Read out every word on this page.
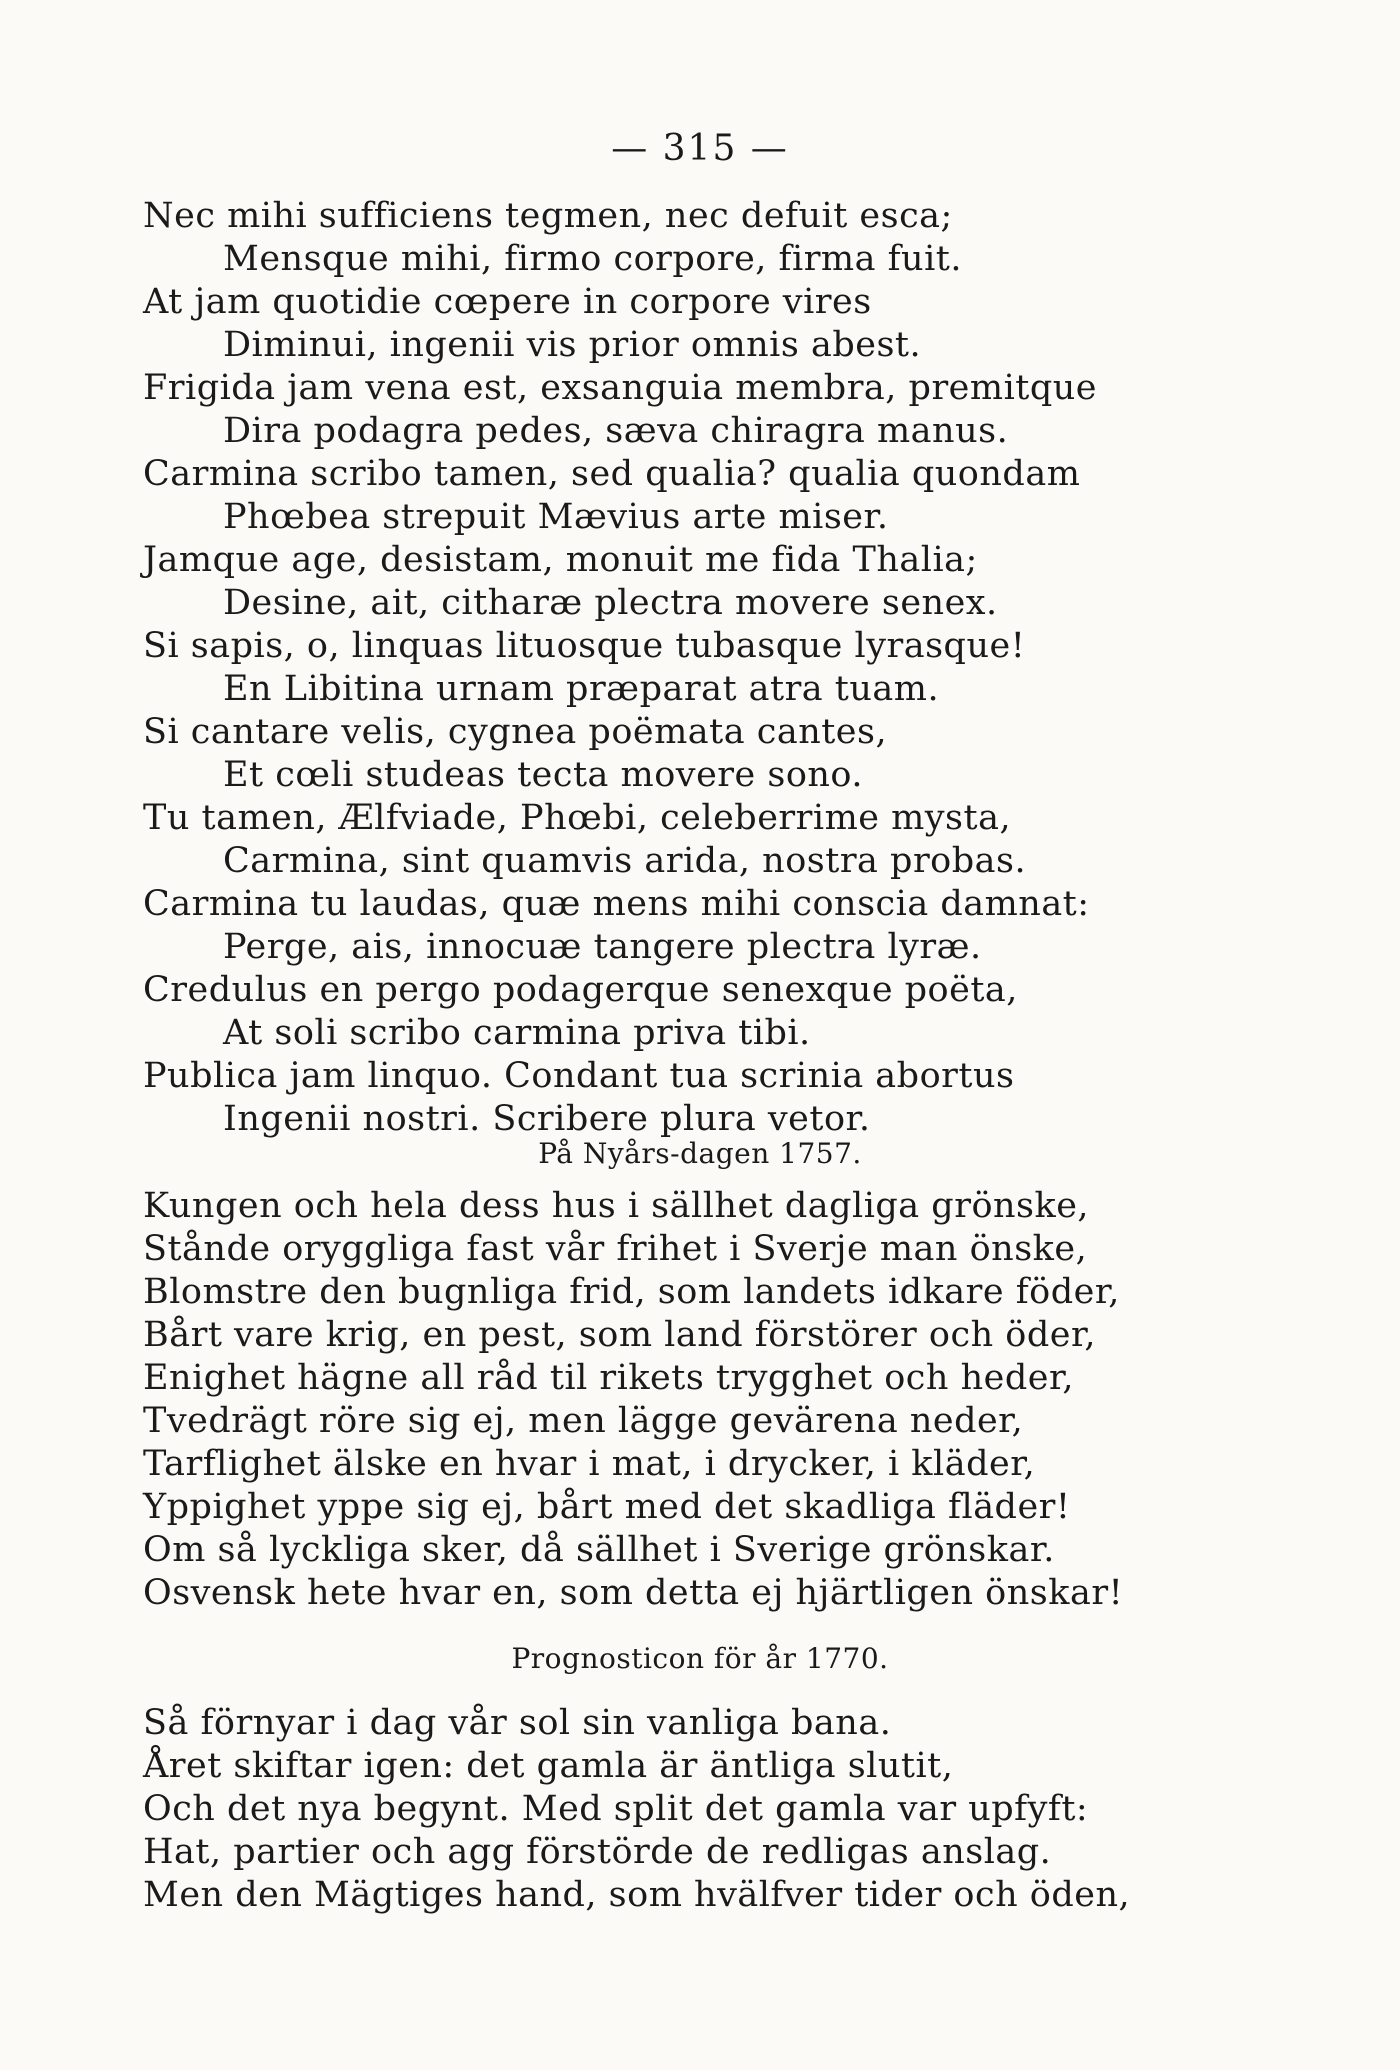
— 315 —
Nec mihi sufficiens tegmen, nec defuit esca;
Mensque mihi, firmo corpore, firma fuit.
At jam quotidie cœpere in corpore vires
Diminui, ingenii vis prior omnis abest.
Frigida jam vena est, exsanguia membra, premitque
Dira podagra pedes, sæva chiragra manus.
Carmina scribo tamen, sed qualia? qualia quondam
Phœbea strepuit Mævius arte miser.
Jamque age, desistam, monuit me fida Thalia;
Desine, ait, citharæ plectra movere senex.
Si sapis, o, linquas lituosque tubasque lyrasque!
En Libitina urnam præparat atra tuam.
Si cantare velis, cygnea poëmata cantes,
Et cœli studeas tecta movere sono.
Tu tamen, Ælfviade, Phœbi, celeberrime mysta,
Carmina, sint quamvis arida, nostra probas.
Carmina tu laudas, quæ mens mihi conscia damnat:
Perge, ais, innocuæ tangere plectra lyræ.
Credulus en pergo podagerque senexque poëta,
At soli scribo carmina priva tibi.
Publica jam linquo. Condant tua scrinia abortus
Ingenii nostri. Scribere plura vetor.
På Nyårs-dagen 1757.
Kungen och hela dess hus i sällhet dagliga grönske,
Stånde oryggliga fast vår frihet i Sverje man önske,
Blomstre den bugnliga frid, som landets idkare föder,
Bårt vare krig, en pest, som land förstörer och öder,
Enighet hägne all råd til rikets trygghet och heder,
Tvedrägt röre sig ej, men lägge gevärena neder,
Tarflighet älske en hvar i mat, i drycker, i kläder,
Yppighet yppe sig ej, bårt med det skadliga fläder!
Om så lyckliga sker, då sällhet i Sverige grönskar.
Osvensk hete hvar en, som detta ej hjärtligen önskar!
Prognosticon för år 1770.
Så förnyar i dag vår sol sin vanliga bana.
Året skiftar igen: det gamla är äntliga slutit,
Och det nya begynt. Med split det gamla var upfyft:
Hat, partier och agg förstörde de redligas anslag.
Men den Mägtiges hand, som hvälfver tider och öden,
